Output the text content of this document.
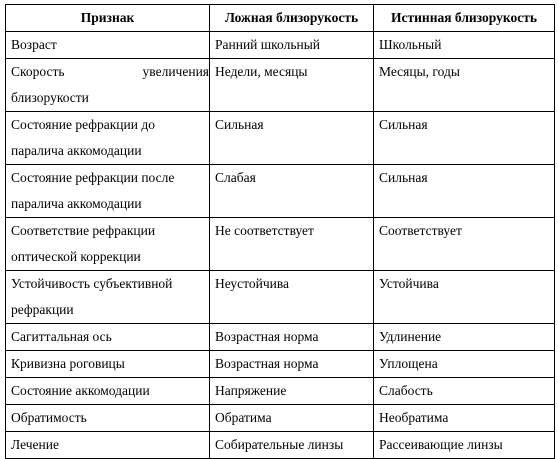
Признак	Ложная близорукость	Истинная близорукость
Возраст	Ранний школьный	Школьный

Скорость увеличения
близорукости	Недели, месяцы	Месяцы, годы
Состояние рефракции до
паралича аккомодации	Сильная	Сильная
Состояние рефракции после
паралича аккомодации	Слабая	Сильная
Соответствие рефракции
оптической коррекции	Не соответствует	Соответствует
Устойчивость субъективной
рефракции	Неустойчива	Устойчива
Сагиттальная ось	Возрастная норма	Удлинение
Кривизна роговицы	Возрастная норма	Уплощена
Состояние аккомодации	Напряжение	Слабость
Обратимость	Обратима	Необратима
Лечение	Собирательные линзы	Рассеивающие линзы
